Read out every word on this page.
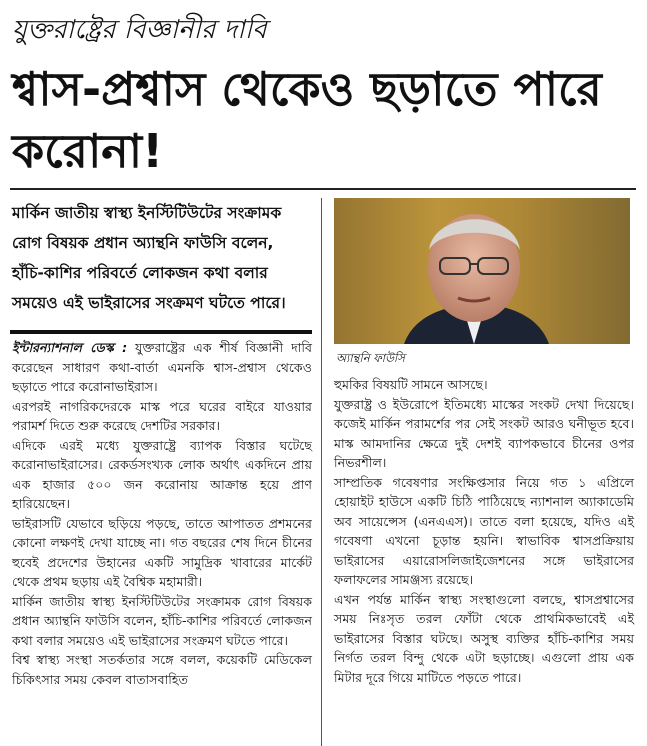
যুক্তরাষ্ট্রের বিজ্ঞানীর দাবি
শ্বাস-প্রশ্বাস থেকেও ছড়াতে পারে করোনা!
মার্কিন জাতীয় স্বাস্থ্য ইনস্টিটিউটের সংক্রামক রোগ বিষয়ক প্রধান অ্যান্থনি ফাউসি বলেন, হাঁচি-কাশির পরিবর্তে লোকজন কথা বলার সময়েও এই ভাইরাসের সংক্রমণ ঘটতে পারে।
অ্যান্থনি ফাউসি

ইন্টারন্যাশনাল ডেস্ক : যুক্তরাষ্ট্রের এক শীর্ষ বিজ্ঞানী দাবি করেছেন সাধারণ কথা-বার্তা এমনকি শ্বাস-প্রশ্বাস থেকেও ছড়াতে পারে করোনাভাইরাস।

এরপরই নাগরিকদেরকে মাস্ক পরে ঘরের বাইরে যাওয়ার পরামর্শ দিতে শুরু করেছে দেশটির সরকার।

এদিকে এরই মধ্যে যুক্তরাষ্ট্রে ব্যাপক বিস্তার ঘটেছে করোনাভাইরাসের। রেকর্ডসংখ্যক লোক অর্থাৎ একদিনে প্রায় এক হাজার ৫০০ জন করোনায় আক্রান্ত হয়ে প্রাণ হারিয়েছেন।

ভাইরাসটি যেভাবে ছড়িয়ে পড়ছে, তাতে আপাতত প্রশমনের কোনো লক্ষণই দেখা যাচ্ছে না। গত বছরের শেষ দিনে চীনের হুবেই প্রদেশের উহানের একটি সামুদ্রিক খাবারের মার্কেট থেকে প্রথম ছড়ায় এই বৈশ্বিক মহামারী।

মার্কিন জাতীয় স্বাস্থ্য ইনস্টিটিউটের সংক্রামক রোগ বিষয়ক প্রধান অ্যান্থনি ফাউসি বলেন, হাঁচি-কাশির পরিবর্তে লোকজন কথা বলার সময়েও এই ভাইরাসের সংক্রমণ ঘটতে পারে।

বিশ্ব স্বাস্থ্য সংস্থা সতর্কতার সঙ্গে বলল, কয়েকটি মেডিকেল চিকিৎসার সময় কেবল বাতাসবাহিত

হুমকির বিষয়টি সামনে আসছে।

যুক্তরাষ্ট্র ও ইউরোপে ইতিমধ্যে মাস্কের সংকট দেখা দিয়েছে। কজেই মার্কিন পরামর্শের পর সেই সংকট আরও ঘনীভূত হবে। মাস্ক আমদানির ক্ষেত্রে দুই দেশই ব্যাপকভাবে চীনের ওপর নিভরশীল।

সাম্প্রতিক গবেষণার সংক্ষিপ্তসার নিয়ে গত ১ এপ্রিলে হোয়াইট হাউসে একটি চিঠি পাঠিয়েছে ন্যাশনাল অ্যাকাডেমি অব সায়েন্সেস (এনএএস)। তাতে বলা হয়েছে, যদিও এই গবেষণা এখনো চূড়ান্ত হয়নি। স্বাভাবিক শ্বাসপ্রক্রিয়ায় ভাইরাসের এয়ারোসলিজাইজেশনের সঙ্গে ভাইরাসের ফলাফলের সামঞ্জস্য রয়েছে।

এখন পর্যন্ত মার্কিন স্বাস্থ্য সংস্থাগুলো বলছে, শ্বাসপ্রশ্বাসের সময় নিঃসৃত তরল ফোঁটা থেকে প্রাথমিকভাবেই এই ভাইরাসের বিস্তার ঘটছে। অসুস্থ ব্যক্তির হাঁচি-কাশির সময় নির্গত তরল বিন্দু থেকে এটা ছড়াচ্ছে। এগুলো প্রায় এক মিটার দূরে গিয়ে মাটিতে পড়তে পারে।
